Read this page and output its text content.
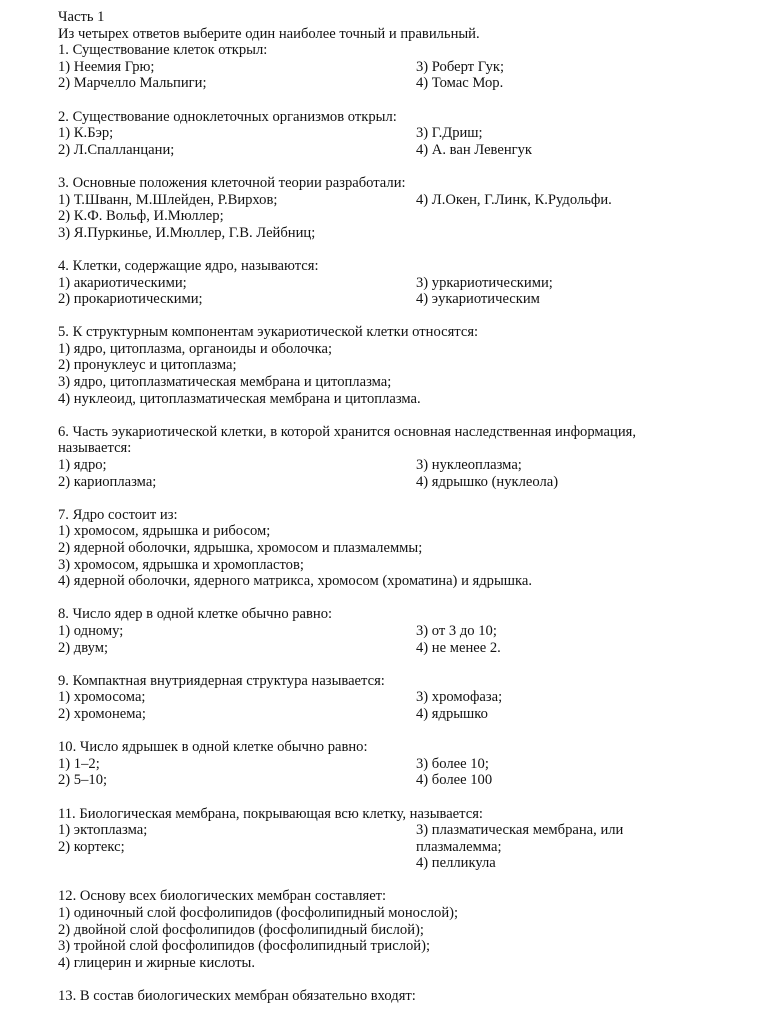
Часть 1
Из четырех ответов выберите один наиболее точный и правильный.
1. Существование клеток открыл:
1) Неемия Грю;	3) Роберт Гук;
2) Марчелло Мальпиги;	4) Томас Мор.
2. Существование одноклеточных организмов открыл:
1) К.Бэр;	3) Г.Дриш;
2) Л.Спалланцани;	4) А. ван Левенгук
3. Основные положения клеточной теории разработали:
1) Т.Шванн, М.Шлейден, Р.Вирхов;	4) Л.Окен, Г.Линк, К.Рудольфи.
2) К.Ф. Вольф, И.Мюллер;
3) Я.Пуркинье, И.Мюллер, Г.В. Лейбниц;
4. Клетки, содержащие ядро, называются:
1) акариотическими;	3) уркариотическими;
2) прокариотическими;	4) эукариотическим
5. К структурным компонентам эукариотической клетки относятся:
1) ядро, цитоплазма, органоиды и оболочка;
2) пронуклеус и цитоплазма;
3) ядро, цитоплазматическая мембрана и цитоплазма;
4) нуклеоид, цитоплазматическая мембрана и цитоплазма.
6. Часть эукариотической клетки, в которой хранится основная наследственная информация,
называется:
1) ядро;	3) нуклеоплазма;
2) кариоплазма;	4) ядрышко (нуклеола)
7. Ядро состоит из:
1) хромосом, ядрышка и рибосом;
2) ядерной оболочки, ядрышка, хромосом и плазмалеммы;
3) хромосом, ядрышка и хромопластов;
4) ядерной оболочки, ядерного матрикса, хромосом (хроматина) и ядрышка.
8. Число ядер в одной клетке обычно равно:
1) одному;	3) от 3 до 10;
2) двум;	4) не менее 2.
9. Компактная внутриядерная структура называется:
1) хромосома;	3) хромофаза;
2) хромонема;	4) ядрышко
10. Число ядрышек в одной клетке обычно равно:
1) 1–2;	3) более 10;
2) 5–10;	4) более 100
11. Биологическая мембрана, покрывающая всю клетку, называется:
1) эктоплазма;
2) кортекс;
3) плазматическая мембрана, или
плазмалемма;
4) пелликула
12. Основу всех биологических мембран составляет:
1) одиночный слой фосфолипидов (фосфолипидный монослой);
2) двойной слой фосфолипидов (фосфолипидный бислой);
3) тройной слой фосфолипидов (фосфолипидный трислой);
4) глицерин и жирные кислоты.
13. В состав биологических мембран обязательно входят:
